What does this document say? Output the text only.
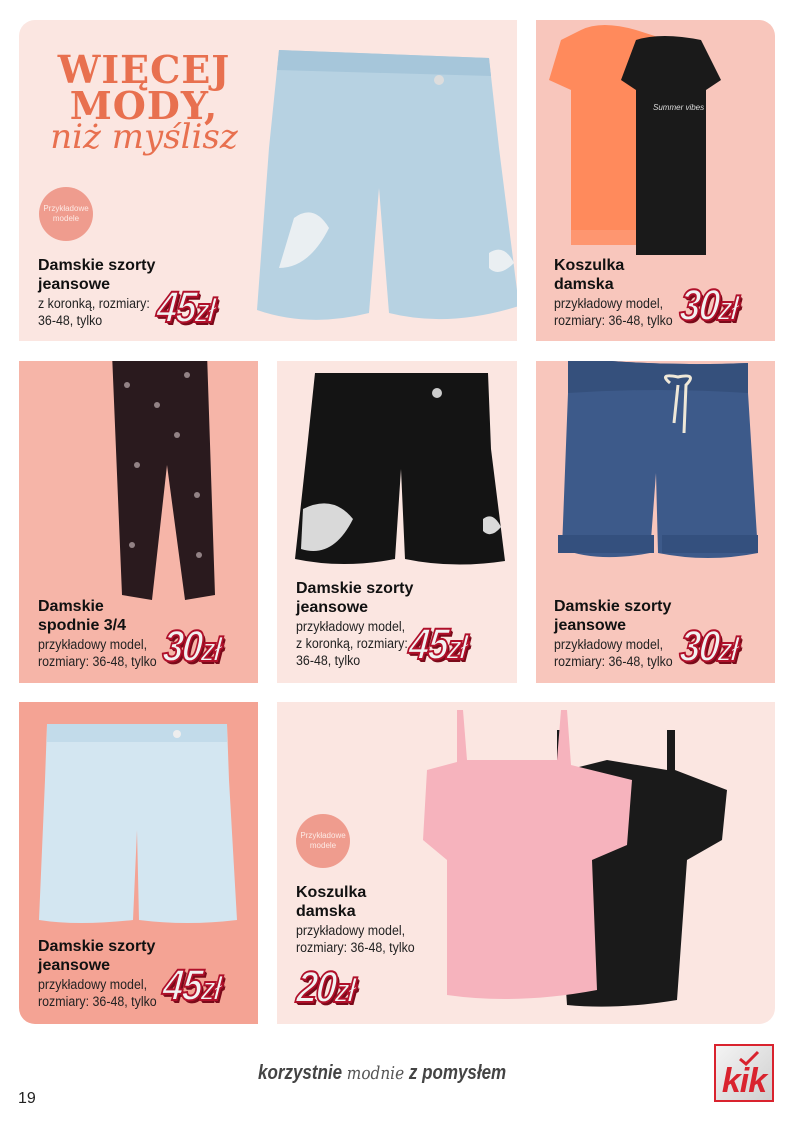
WIĘCEJ
MODY,
niż myślisz
Przykładowe modele
Damskie szorty
jeansowe
z koronką, rozmiary:
36-48, tylko	45zł
Summer vibes
Koszulka
damska
przykładowy model,
rozmiary: 36-48, tylko 30zł
Damskie
spodnie 3/4
przykładowy model,
rozmiary: 36-48, tylko 30zł
Damskie szorty
jeansowe
przykładowy model,
z koronką, rozmiary:
36-48, tylko	45zł
Damskie szorty
jeansowe
przykładowy model,
rozmiary: 36-48, tylko 30zł
Damskie szorty
jeansowe
przykładowy model,
rozmiary: 36-48, tylko 45zł
Przykładowe modele
Koszulka
damska
przykładowy model,
rozmiary: 36-48, tylko
20zł
korzystnie modnie z pomysłem
19	kik
